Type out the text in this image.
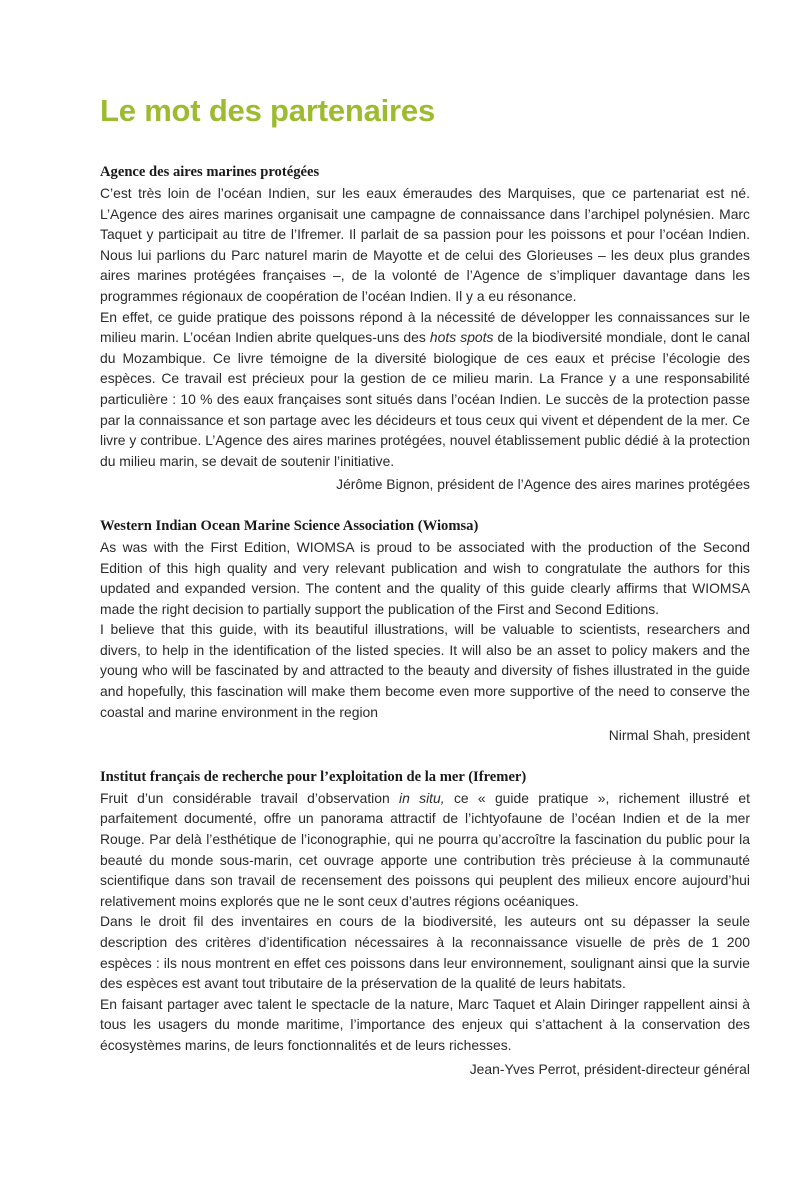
Le mot des partenaires
Agence des aires marines protégées

C’est très loin de l’océan Indien, sur les eaux émeraudes des Marquises, que ce partenariat est né. L’Agence des aires marines organisait une campagne de connaissance dans l’archipel polynésien. Marc Taquet y participait au titre de l’Ifremer. Il parlait de sa passion pour les poissons et pour l’océan Indien. Nous lui parlions du Parc naturel marin de Mayotte et de celui des Glorieuses – les deux plus grandes aires marines protégées françaises –, de la volonté de l’Agence de s’impliquer davantage dans les programmes régionaux de coopération de l’océan Indien. Il y a eu résonance.

En effet, ce guide pratique des poissons répond à la nécessité de développer les connaissances sur le milieu marin. L’océan Indien abrite quelques-uns des hots spots de la biodiversité mondiale, dont le canal du Mozambique. Ce livre témoigne de la diversité biologique de ces eaux et précise l’écologie des espèces. Ce travail est précieux pour la gestion de ce milieu marin. La France y a une responsabilité particulière : 10 % des eaux françaises sont situés dans l’océan Indien. Le succès de la protection passe par la connaissance et son partage avec les décideurs et tous ceux qui vivent et dépendent de la mer. Ce livre y contribue. L’Agence des aires marines protégées, nouvel établissement public dédié à la protection du milieu marin, se devait de soutenir l’initiative.

Jérôme Bignon, président de l’Agence des aires marines protégées

Western Indian Ocean Marine Science Association (Wiomsa)

As was with the First Edition, WIOMSA is proud to be associated with the production of the Second Edition of this high quality and very relevant publication and wish to congratulate the authors for this updated and expanded version. The content and the quality of this guide clearly affirms that WIOMSA made the right decision to partially support the publication of the First and Second Editions.

I believe that this guide, with its beautiful illustrations, will be valuable to scientists, researchers and divers, to help in the identification of the listed species. It will also be an asset to policy makers and the young who will be fascinated by and attracted to the beauty and diversity of fishes illustrated in the guide and hopefully, this fascination will make them become even more supportive of the need to conserve the coastal and marine environment in the region

Nirmal Shah, president

Institut français de recherche pour l’exploitation de la mer (Ifremer)

Fruit d’un considérable travail d’observation in situ, ce « guide pratique », richement illustré et parfaitement documenté, offre un panorama attractif de l’ichtyofaune de l’océan Indien et de la mer Rouge. Par delà l’esthétique de l’iconographie, qui ne pourra qu’accroître la fascination du public pour la beauté du monde sous-marin, cet ouvrage apporte une contribution très précieuse à la communauté scientifique dans son travail de recensement des poissons qui peuplent des milieux encore aujourd’hui relativement moins explorés que ne le sont ceux d’autres régions océaniques.

Dans le droit fil des inventaires en cours de la biodiversité, les auteurs ont su dépasser la seule description des critères d’identification nécessaires à la reconnaissance visuelle de près de 1 200 espèces : ils nous montrent en effet ces poissons dans leur environnement, soulignant ainsi que la survie des espèces est avant tout tributaire de la préservation de la qualité de leurs habitats.

En faisant partager avec talent le spectacle de la nature, Marc Taquet et Alain Diringer rappellent ainsi à tous les usagers du monde maritime, l’importance des enjeux qui s’attachent à la conservation des écosystèmes marins, de leurs fonctionnalités et de leurs richesses.

Jean-Yves Perrot, président-directeur général
